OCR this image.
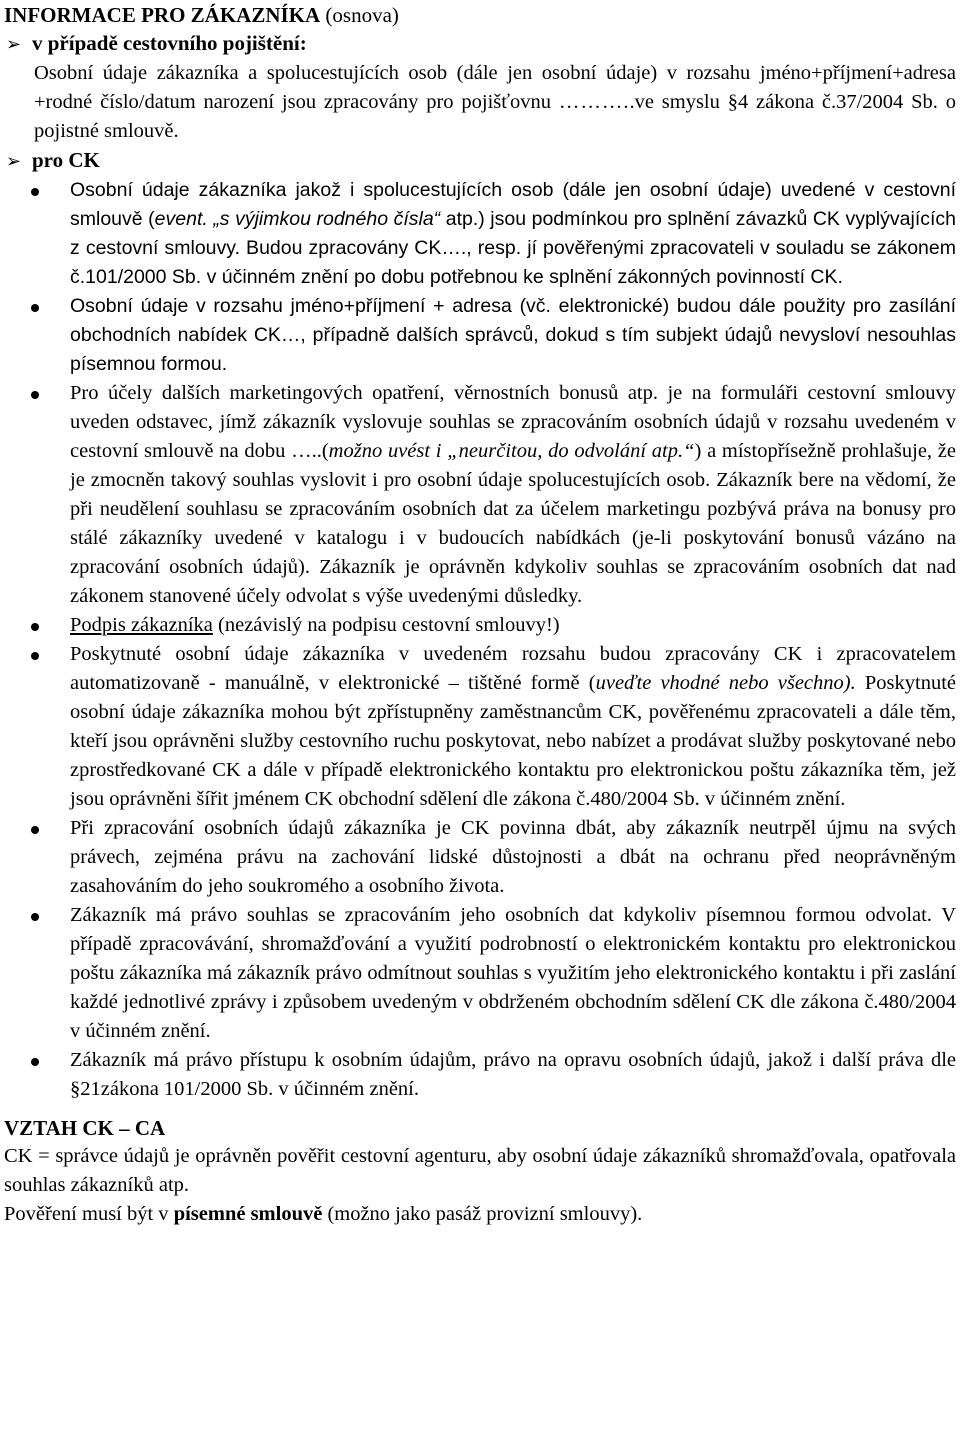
INFORMACE PRO ZÁKAZNÍKA (osnova)

➢ v případě cestovního pojištění:

Osobní údaje zákazníka a spolucestujících osob (dále jen osobní údaje) v rozsahu jméno+příjmení+adresa +rodné číslo/datum narození jsou zpracovány pro pojišťovnu ………..ve smyslu §4 zákona č.37/2004 Sb. o pojistné smlouvě.

➢ pro CK

Osobní údaje zákazníka jakož i spolucestujících osob (dále jen osobní údaje) uvedené v cestovní smlouvě (event. „s výjimkou rodného čísla“ atp.) jsou podmínkou pro splnění závazků CK vyplývajících z cestovní smlouvy. Budou zpracovány CK…., resp. jí pověřenými zpracovateli v souladu se zákonem č.101/2000 Sb. v účinném znění po dobu potřebnou ke splnění zákonných povinností CK.
Osobní údaje v rozsahu jméno+příjmení + adresa (vč. elektronické) budou dále použity pro zasílání obchodních nabídek CK…, případně dalších správců, dokud s tím subjekt údajů nevysloví nesouhlas písemnou formou.
Pro účely dalších marketingových opatření, věrnostních bonusů atp. je na formuláři cestovní smlouvy uveden odstavec, jímž zákazník vyslovuje souhlas se zpracováním osobních údajů v rozsahu uvedeném v cestovní smlouvě na dobu …..(možno uvést i „neurčitou, do odvolání atp.“) a místopřísežně prohlašuje, že je zmocněn takový souhlas vyslovit i pro osobní údaje spolucestujících osob. Zákazník bere na vědomí, že při neudělení souhlasu se zpracováním osobních dat za účelem marketingu pozbývá práva na bonusy pro stálé zákazníky uvedené v katalogu i v budoucích nabídkách (je-li poskytování bonusů vázáno na zpracování osobních údajů). Zákazník je oprávněn kdykoliv souhlas se zpracováním osobních dat nad zákonem stanovené účely odvolat s výše uvedenými důsledky.
Podpis zákazníka (nezávislý na podpisu cestovní smlouvy!)
Poskytnuté osobní údaje zákazníka v uvedeném rozsahu budou zpracovány CK i zpracovatelem automatizovaně - manuálně, v elektronické – tištěné formě (uveďte vhodné nebo všechno). Poskytnuté osobní údaje zákazníka mohou být zpřístupněny zaměstnancům CK, pověřenému zpracovateli a dále těm, kteří jsou oprávněni služby cestovního ruchu poskytovat, nebo nabízet a prodávat služby poskytované nebo zprostředkované CK a dále v případě elektronického kontaktu pro elektronickou poštu zákazníka těm, jež jsou oprávněni šířit jménem CK obchodní sdělení dle zákona č.480/2004 Sb. v účinném znění.
Při zpracování osobních údajů zákazníka je CK povinna dbát, aby zákazník neutrpěl újmu na svých právech, zejména právu na zachování lidské důstojnosti a dbát na ochranu před neoprávněným zasahováním do jeho soukromého a osobního života.
Zákazník má právo souhlas se zpracováním jeho osobních dat kdykoliv písemnou formou odvolat. V případě zpracovávání, shromažďování a využití podrobností o elektronickém kontaktu pro elektronickou poštu zákazníka má zákazník právo odmítnout souhlas s využitím jeho elektronického kontaktu i při zaslání každé jednotlivé zprávy i způsobem uvedeným v obdrženém obchodním sdělení CK dle zákona č.480/2004 v účinném znění.
Zákazník má právo přístupu k osobním údajům, právo na opravu osobních údajů, jakož i další práva dle §21zákona 101/2000 Sb. v účinném znění.

VZTAH CK – CA

CK = správce údajů je oprávněn pověřit cestovní agenturu, aby osobní údaje zákazníků shromažďovala, opatřovala souhlas zákazníků atp.

Pověření musí být v písemné smlouvě (možno jako pasáž provizní smlouvy).
